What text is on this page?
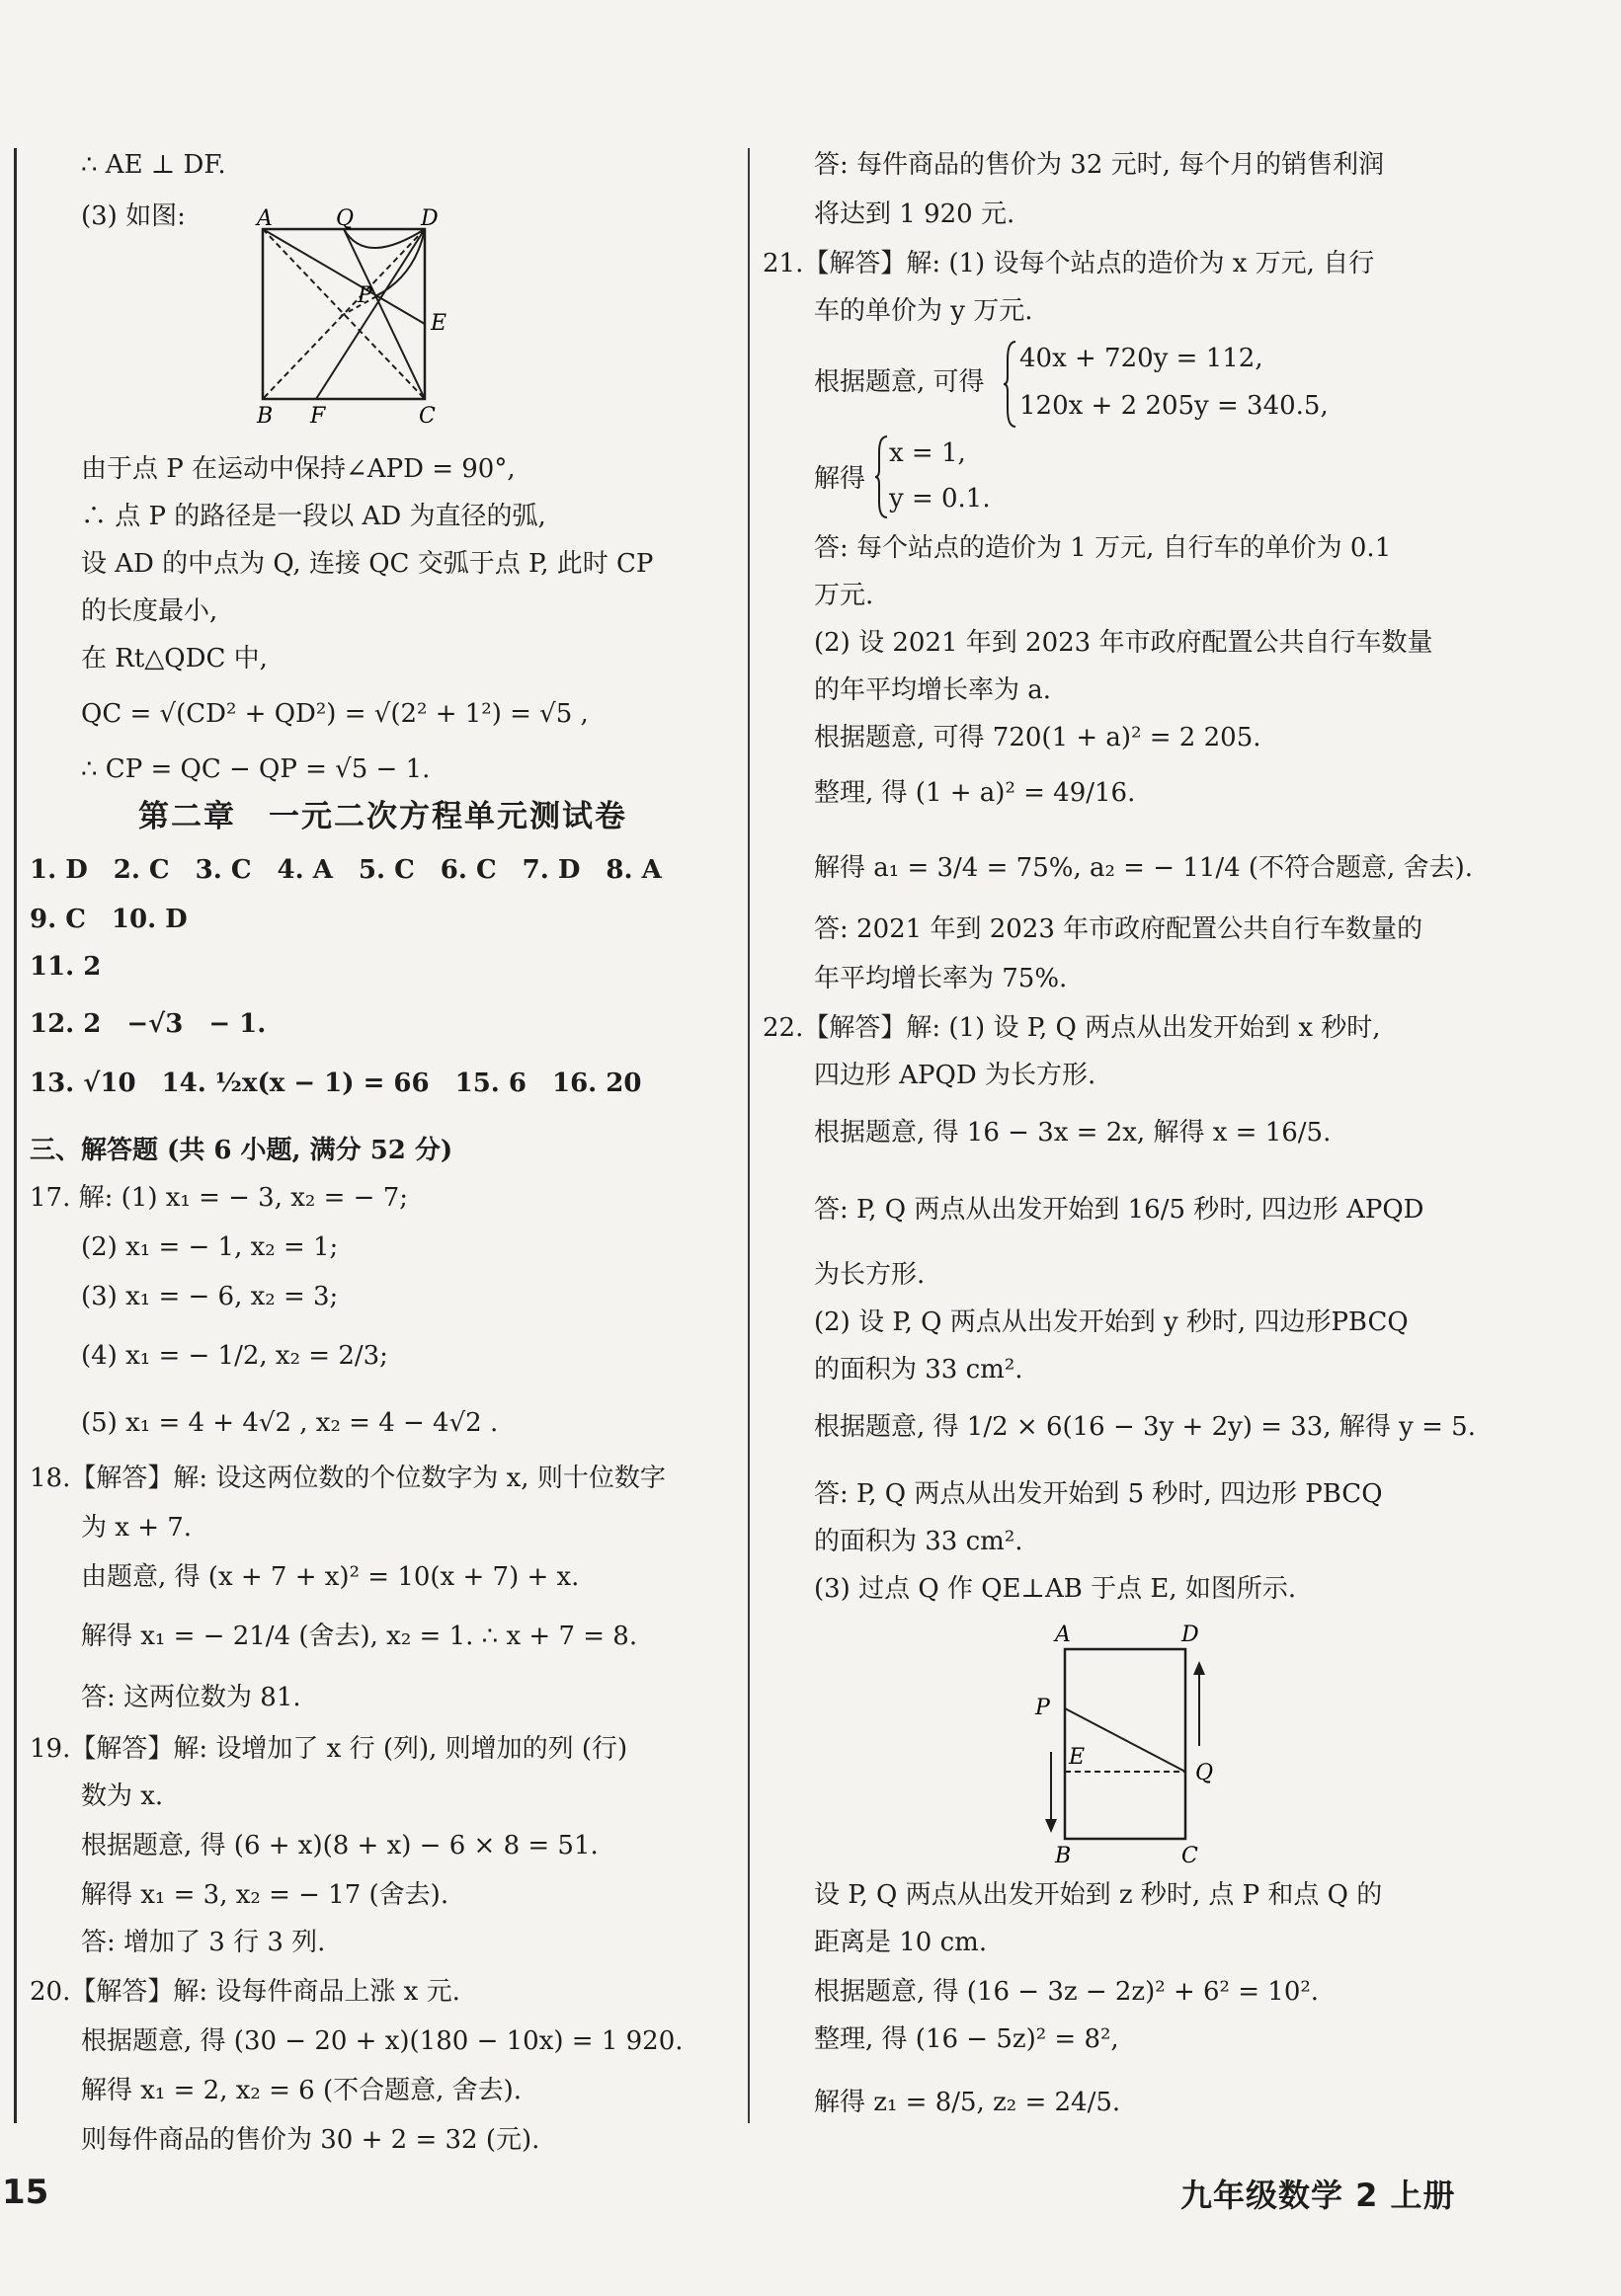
∴ AE ⊥ DF.
(3) 如图:	A	Q	D
E
P
B F	C
由于点 P 在运动中保持∠APD = 90°,
∴ 点 P 的路径是一段以 AD 为直径的弧,
设 AD 的中点为 Q, 连接 QC 交弧于点 P, 此时 CP
的长度最小,
在 Rt△QDC 中,
QC = √(CD² + QD²) = √(2² + 1²) = √5 ,
∴ CP = QC − QP = √5 − 1.
第二章　一元二次方程单元测试卷
1. D　2. C　3. C　4. A　5. C　6. C　7. D　8. A
9. C　10. D
11. 2
12. 2　−√3　− 1.
13. √10　14. ½x(x − 1) = 66　15. 6　16. 20
三、解答题 (共 6 小题, 满分 52 分)
17. 解: (1) x₁ = − 3, x₂ = − 7;
(2) x₁ = − 1, x₂ = 1;
(3) x₁ = − 6, x₂ = 3;
(4) x₁ = − 1/2, x₂ = 2/3;
(5) x₁ = 4 + 4√2 , x₂ = 4 − 4√2 .
18.【解答】解: 设这两位数的个位数字为 x, 则十位数字
为 x + 7.
由题意, 得 (x + 7 + x)² = 10(x + 7) + x.
解得 x₁ = − 21/4 (舍去), x₂ = 1. ∴ x + 7 = 8.
答: 这两位数为 81.
19.【解答】解: 设增加了 x 行 (列), 则增加的列 (行)
数为 x.
根据题意, 得 (6 + x)(8 + x) − 6 × 8 = 51.
解得 x₁ = 3, x₂ = − 17 (舍去).
答: 增加了 3 行 3 列.
20.【解答】解: 设每件商品上涨 x 元.
根据题意, 得 (30 − 20 + x)(180 − 10x) = 1 920.
解得 x₁ = 2, x₂ = 6 (不合题意, 舍去).
则每件商品的售价为 30 + 2 = 32 (元).
答: 每件商品的售价为 32 元时, 每个月的销售利润
将达到 1 920 元.
21.【解答】解: (1) 设每个站点的造价为 x 万元, 自行
车的单价为 y 万元.
根据题意, 可得
40x + 720y = 112,
120x + 2 205y = 340.5,
解得
x = 1,
y = 0.1.
答: 每个站点的造价为 1 万元, 自行车的单价为 0.1
万元.
(2) 设 2021 年到 2023 年市政府配置公共自行车数量
的年平均增长率为 a.
根据题意, 可得 720(1 + a)² = 2 205.
整理, 得 (1 + a)² = 49/16.
解得 a₁ = 3/4 = 75%, a₂ = − 11/4 (不符合题意, 舍去).
答: 2021 年到 2023 年市政府配置公共自行车数量的
年平均增长率为 75%.
22.【解答】解: (1) 设 P, Q 两点从出发开始到 x 秒时,
四边形 APQD 为长方形.
根据题意, 得 16 − 3x = 2x, 解得 x = 16/5.
答: P, Q 两点从出发开始到 16/5 秒时, 四边形 APQD
为长方形.
(2) 设 P, Q 两点从出发开始到 y 秒时, 四边形PBCQ
的面积为 33 cm².
根据题意, 得 1/2 × 6(16 − 3y + 2y) = 33, 解得 y = 5.
答: P, Q 两点从出发开始到 5 秒时, 四边形 PBCQ
的面积为 33 cm².
(3) 过点 Q 作 QE⊥AB 于点 E, 如图所示.
A	D
P
E
Q
B	C
设 P, Q 两点从出发开始到 z 秒时, 点 P 和点 Q 的
距离是 10 cm.
根据题意, 得 (16 − 3z − 2z)² + 6² = 10².
整理, 得 (16 − 5z)² = 8²,
解得 z₁ = 8/5, z₂ = 24/5.
15	九年级数学 2 上册
